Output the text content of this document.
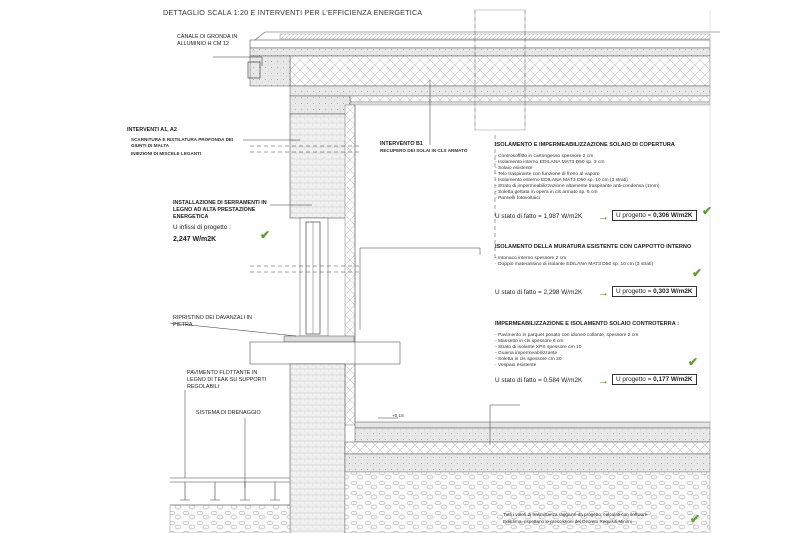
DETTAGLIO SCALA 1:20 E INTERVENTI PER L'EFFICIENZA ENERGETICA
CANALE DI GRONDA IN
ALLUMINIO H CM 12
INTERVENTI A1, A2
SCARNITURA E RISTILATURA PROFONDA DEI
GIUNTI DI MALTA
INIEZIONI DI MISCELE LEGANTI
INTERVENTO B1
RECUPERO DEI SOLAI IN CLS ARMATO
INSTALLAZIONE DI SERRAMENTI IN
LEGNO AD ALTA PRESTAZIONE
ENERGETICA
U infissi di progetto :
2,247 W/m2K	✔
RIPRISTINO DEI DAVANZALI IN
PIETRA
PAVIMENTO FLOTTANTE IN
LEGNO DI TEAK SU SUPPORTI
REGOLABILI
SISTEMA DI DRENAGGIO	+0,16
ISOLAMENTO E IMPERMEABILIZZAZIONE SOLAIO DI COPERTURA
- Controsoffitto in cartongesso spessore 2 cm
- Isolamento interno EDILANA MAT3 D50 sp. 3 cm
- Solaio esistente
- Telo traspirante con funzione di freno al vapore
- Isolamento esterno EDILANA MAT3 D50 sp. 10 cm (3 strati)
- Strato di impermeabilizzazione altamente traspirante anti-condensa (1mm)
- Soletta gettata in opera in cls armato sp. 6 cm
- Pannelli fotovoltaici
U stato di fatto = 1,987 W/m2K →	U progetto = 0,306 W/m2K ✔
ISOLAMENTO DELLA MURATURA ESISTENTE CON CAPPOTTO INTERNO
- Intonaco interno spessore 2 cm
- Doppio materassino di isolante EDILANA MAT3 D50 sp. 10 cm (3 strati)
U stato di fatto = 2,298 W/m2K →	U progetto = 0,303 W/m2K
✔
IMPERMEABILIZZAZIONE E ISOLAMENTO SOLAIO CONTROTERRA :
- Pavimento in parquet posato con idoneo collante, spessore 2 cm
- Massetto in cls spessore 6 cm
- Strato di isolante XPS spessore cm 10
- Guaina impermeabilizzante
- Soletta in cls spessore cm 20
- Vespaio esistente
U stato di fatto = 0,584 W/m2K →	U progetto = 0,177 W/m2K
✔
Tutti i valori di trasmittanza raggiunti da progetto, calcolati con software
Edilclima, rispettano le prescrizioni del Decreto Requisiti Minimi	✔
